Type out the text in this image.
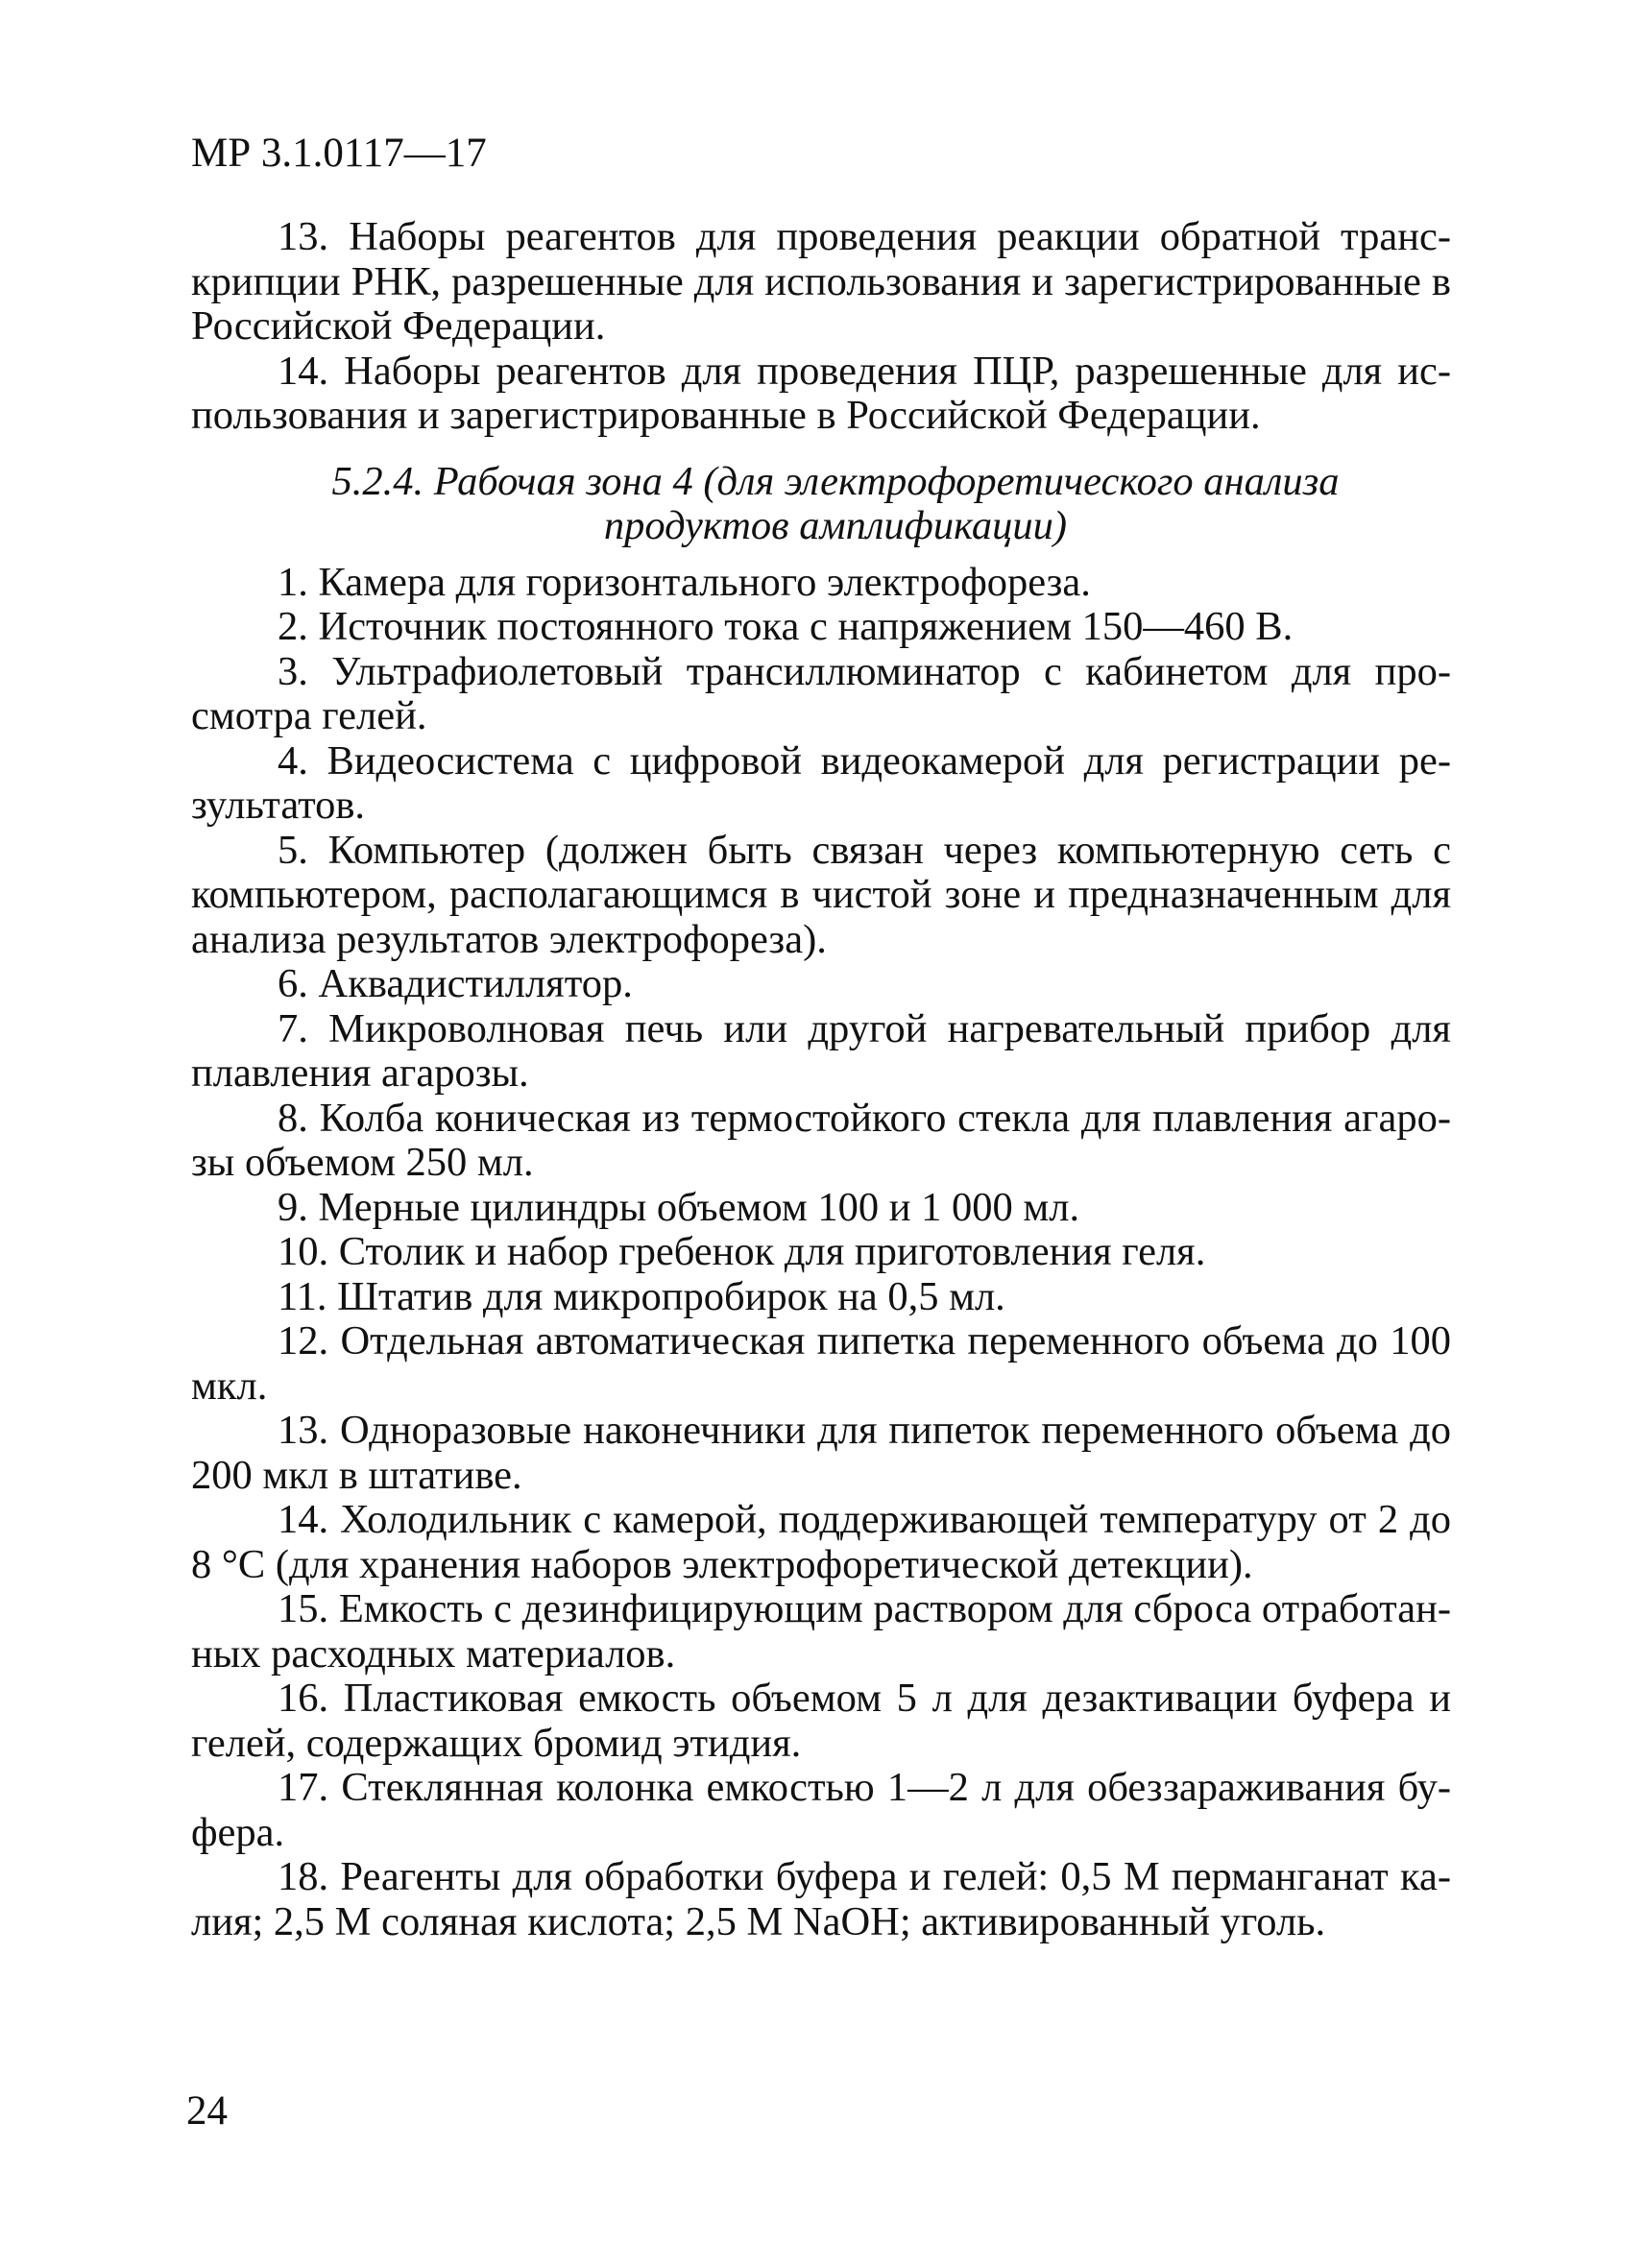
МР 3.1.0117—17

13. Наборы реагентов для проведения реакции обратной транскрипции РНК, разрешенные для использования и зарегистрированные в Российской Федерации.

14. Наборы реагентов для проведения ПЦР, разрешенные для использования и зарегистрированные в Российской Федерации.

5.2.4. Рабочая зона 4 (для электрофоретического анализа
продуктов амплификации)

1. Камера для горизонтального электрофореза.

2. Источник постоянного тока с напряжением 150—460 В.

3. Ультрафиолетовый трансиллюминатор с кабинетом для просмотра гелей.

4. Видеосистема с цифровой видеокамерой для регистрации результатов.

5. Компьютер (должен быть связан через компьютерную сеть с компьютером, располагающимся в чистой зоне и предназначенным для анализа результатов электрофореза).

6. Аквадистиллятор.

7. Микроволновая печь или другой нагревательный прибор для плавления агарозы.

8. Колба коническая из термостойкого стекла для плавления агарозы объемом 250 мл.

9. Мерные цилиндры объемом 100 и 1 000 мл.

10. Столик и набор гребенок для приготовления геля.

11. Штатив для микропробирок на 0,5 мл.

12. Отдельная автоматическая пипетка переменного объема до 100 мкл.

13. Одноразовые наконечники для пипеток переменного объема до 200 мкл в штативе.

14. Холодильник с камерой, поддерживающей температуру от 2 до 8 °С (для хранения наборов электрофоретической детекции).

15. Емкость с дезинфицирующим раствором для сброса отработанных расходных материалов.

16. Пластиковая емкость объемом 5 л для дезактивации буфера и гелей, содержащих бромид этидия.

17. Стеклянная колонка емкостью 1—2 л для обеззараживания буфера.

18. Реагенты для обработки буфера и гелей: 0,5 М перманганат калия; 2,5 М соляная кислота; 2,5 М NaOH; активированный уголь.

24
